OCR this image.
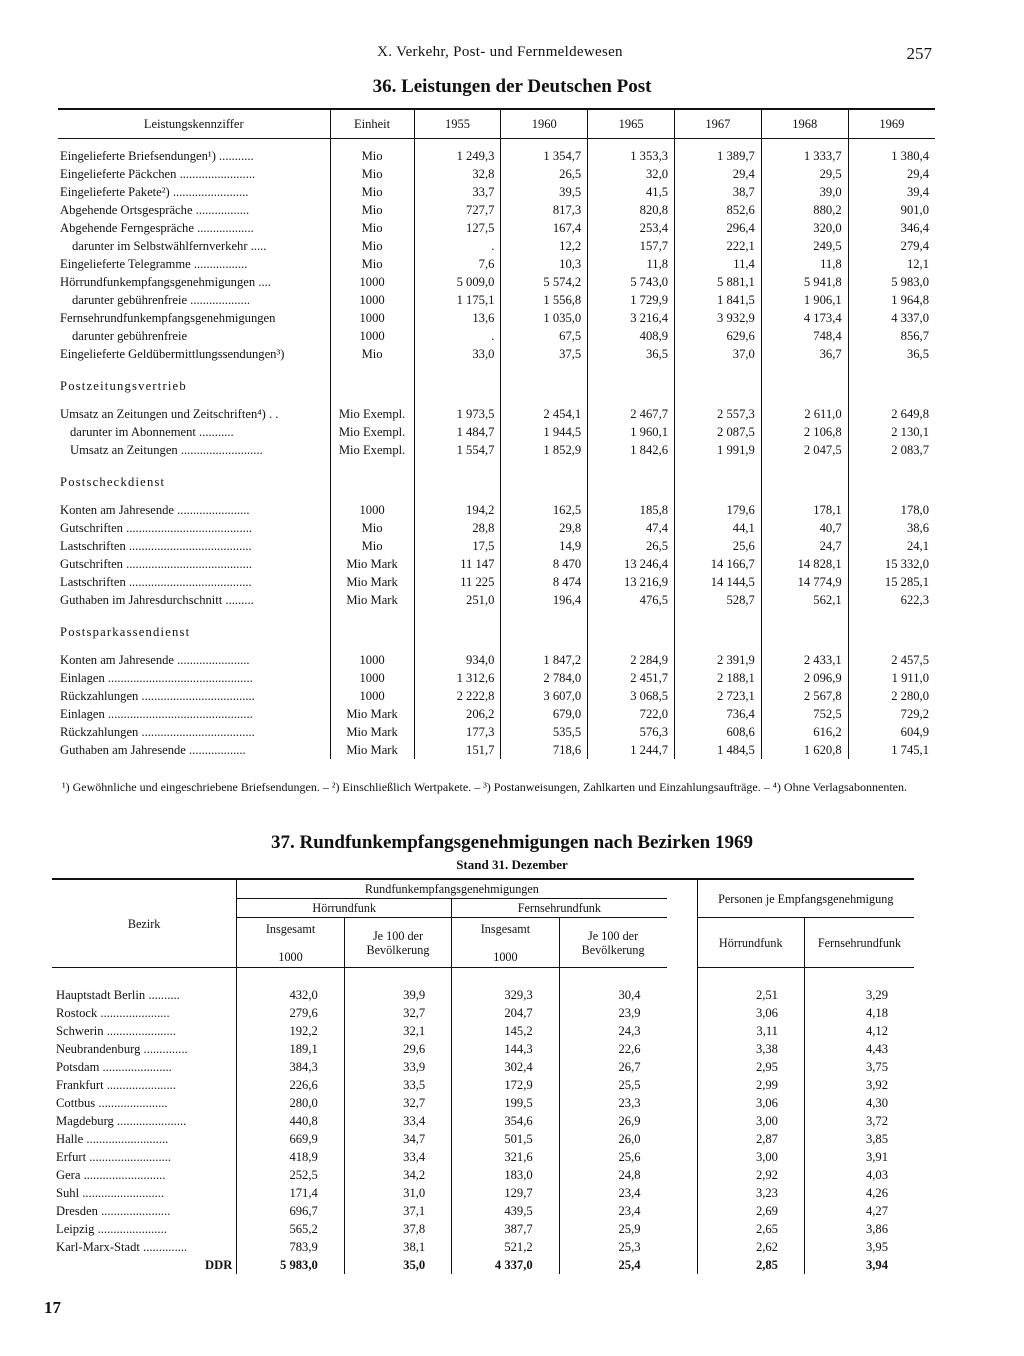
X. Verkehr, Post- und Fernmeldewesen	257
36. Leistungen der Deutschen Post
Leistungskennziffer	Einheit	1955	1960	1965	1967	1968	1969

Eingelieferte Briefsendungen¹) ...........	Mio	1 249,3	1 354,7	1 353,3	1 389,7	1 333,7	1 380,4
Eingelieferte Päckchen ........................	Mio	32,8	26,5	32,0	29,4	29,5	29,4
Eingelieferte Pakete²) ........................	Mio	33,7	39,5	41,5	38,7	39,0	39,4
Abgehende Ortsgespräche .................	Mio	727,7	817,3	820,8	852,6	880,2	901,0
Abgehende Ferngespräche ..................	Mio	127,5	167,4	253,4	296,4	320,0	346,4
darunter im Selbstwählfernverkehr .....	Mio	.	12,2	157,7	222,1	249,5	279,4
Eingelieferte Telegramme .................	Mio	7,6	10,3	11,8	11,4	11,8	12,1
Hörrundfunkempfangsgenehmigungen ....	1000	5 009,0	5 574,2	5 743,0	5 881,1	5 941,8	5 983,0
darunter gebührenfreie ...................	1000	1 175,1	1 556,8	1 729,9	1 841,5	1 906,1	1 964,8
Fernsehrundfunkempfangsgenehmigungen	1000	13,6	1 035,0	3 216,4	3 932,9	4 173,4	4 337,0
darunter gebührenfreie	1000	.	67,5	408,9	629,6	748,4	856,7
Eingelieferte Geldübermittlungssendungen³)	Mio	33,0	37,5	36,5	37,0	36,7	36,5
Postzeitungsvertrieb							

Umsatz an Zeitungen und Zeitschriften⁴) . .	Mio Exempl.	1 973,5	2 454,1	2 467,7	2 557,3	2 611,0	2 649,8
darunter im Abonnement ...........	Mio Exempl.	1 484,7	1 944,5	1 960,1	2 087,5	2 106,8	2 130,1
Umsatz an Zeitungen ..........................	Mio Exempl.	1 554,7	1 852,9	1 842,6	1 991,9	2 047,5	2 083,7
Postscheckdienst							

Konten am Jahresende .......................	1000	194,2	162,5	185,8	179,6	178,1	178,0
Gutschriften ........................................	Mio	28,8	29,8	47,4	44,1	40,7	38,6
Lastschriften .......................................	Mio	17,5	14,9	26,5	25,6	24,7	24,1
Gutschriften ........................................	Mio Mark	11 147	8 470	13 246,4	14 166,7	14 828,1	15 332,0
Lastschriften .......................................	Mio Mark	11 225	8 474	13 216,9	14 144,5	14 774,9	15 285,1
Guthaben im Jahresdurchschnitt .........	Mio Mark	251,0	196,4	476,5	528,7	562,1	622,3
Postsparkassendienst							

Konten am Jahresende .......................	1000	934,0	1 847,2	2 284,9	2 391,9	2 433,1	2 457,5
Einlagen ..............................................	1000	1 312,6	2 784,0	2 451,7	2 188,1	2 096,9	1 911,0
Rückzahlungen ....................................	1000	2 222,8	3 607,0	3 068,5	2 723,1	2 567,8	2 280,0
Einlagen ..............................................	Mio Mark	206,2	679,0	722,0	736,4	752,5	729,2
Rückzahlungen ....................................	Mio Mark	177,3	535,5	576,3	608,6	616,2	604,9
Guthaben am Jahresende ..................	Mio Mark	151,7	718,6	1 244,7	1 484,5	1 620,8	1 745,1
¹) Gewöhnliche und eingeschriebene Briefsendungen. – ²) Einschließlich Wertpakete. – ³) Postanweisungen, Zahlkarten und Einzahlungsaufträge. – ⁴) Ohne Verlagsabonnenten.
37. Rundfunkempfangsgenehmigungen nach Bezirken 1969
Stand 31. Dezember
Bezirk	Rundfunkempfangsgenehmigungen					Personen je Empfangsgenehmigung	
	Hörrundfunk		Fernsehrundfunk				
	Insgesamt

1000	Je 100 der Bevölkerung	Insgesamt

1000	Je 100 der Bevölkerung		Hörrundfunk	Fernsehrundfunk

Hauptstadt Berlin ..........	432,0	39,9	329,3	30,4		2,51	3,29
Rostock ......................	279,6	32,7	204,7	23,9		3,06	4,18
Schwerin ......................	192,2	32,1	145,2	24,3		3,11	4,12
Neubrandenburg ..............	189,1	29,6	144,3	22,6		3,38	4,43
Potsdam ......................	384,3	33,9	302,4	26,7		2,95	3,75
Frankfurt ......................	226,6	33,5	172,9	25,5		2,99	3,92
Cottbus ......................	280,0	32,7	199,5	23,3		3,06	4,30
Magdeburg ......................	440,8	33,4	354,6	26,9		3,00	3,72
Halle ..........................	669,9	34,7	501,5	26,0		2,87	3,85
Erfurt ..........................	418,9	33,4	321,6	25,6		3,00	3,91
Gera ..........................	252,5	34,2	183,0	24,8		2,92	4,03
Suhl ..........................	171,4	31,0	129,7	23,4		3,23	4,26
Dresden ......................	696,7	37,1	439,5	23,4		2,69	4,27
Leipzig ......................	565,2	37,8	387,7	25,9		2,65	3,86
Karl-Marx-Stadt ..............	783,9	38,1	521,2	25,3		2,62	3,95
DDR	5 983,0	35,0	4 337,0	25,4		2,85	3,94
17
